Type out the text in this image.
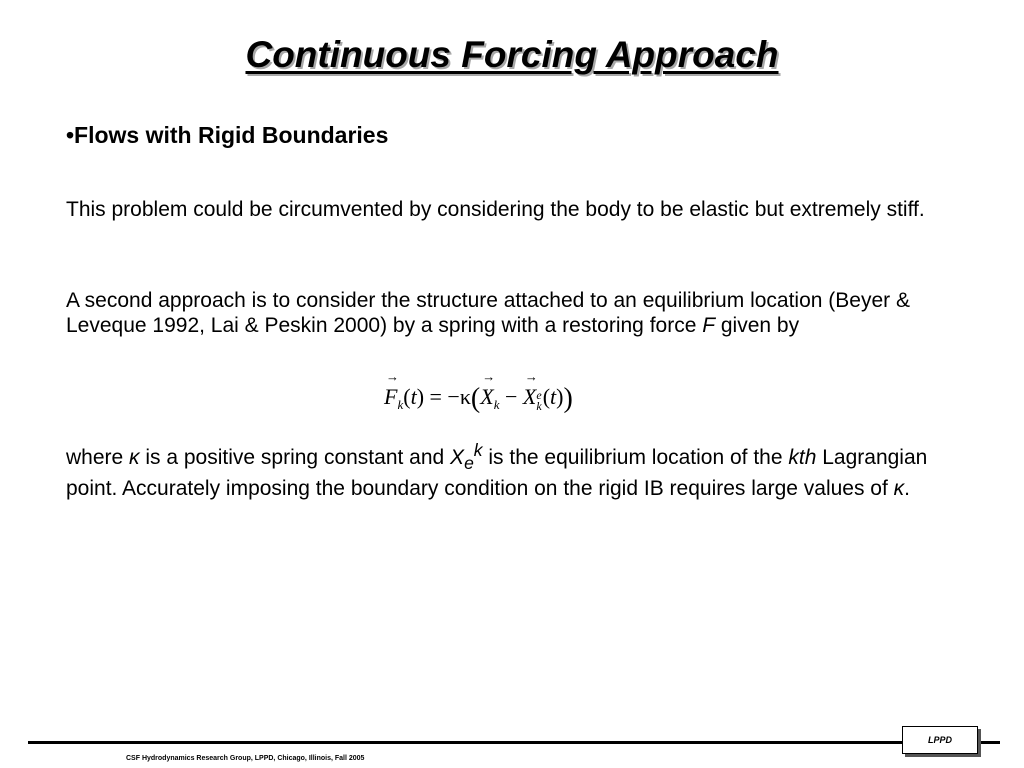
Continuous Forcing Approach
•Flows with Rigid Boundaries
This problem could be circumvented by considering the body to be elastic but extremely stiff.
A second approach is to consider the structure attached to an equilibrium location (Beyer & Leveque 1992, Lai & Peskin 2000) by a spring with a restoring force F given by
→ $F_k(t) = -\kappa(\to X_k$ − → Xe
k(t))
where κ is a positive spring constant and $X_e^k$ is the equilibrium location of the kth Lagrangian point. Accurately imposing the boundary condition on the rigid IB requires large values of κ.
LPPD
CSF Hydrodynamics Research Group, LPPD, Chicago, Illinois, Fall 2005
